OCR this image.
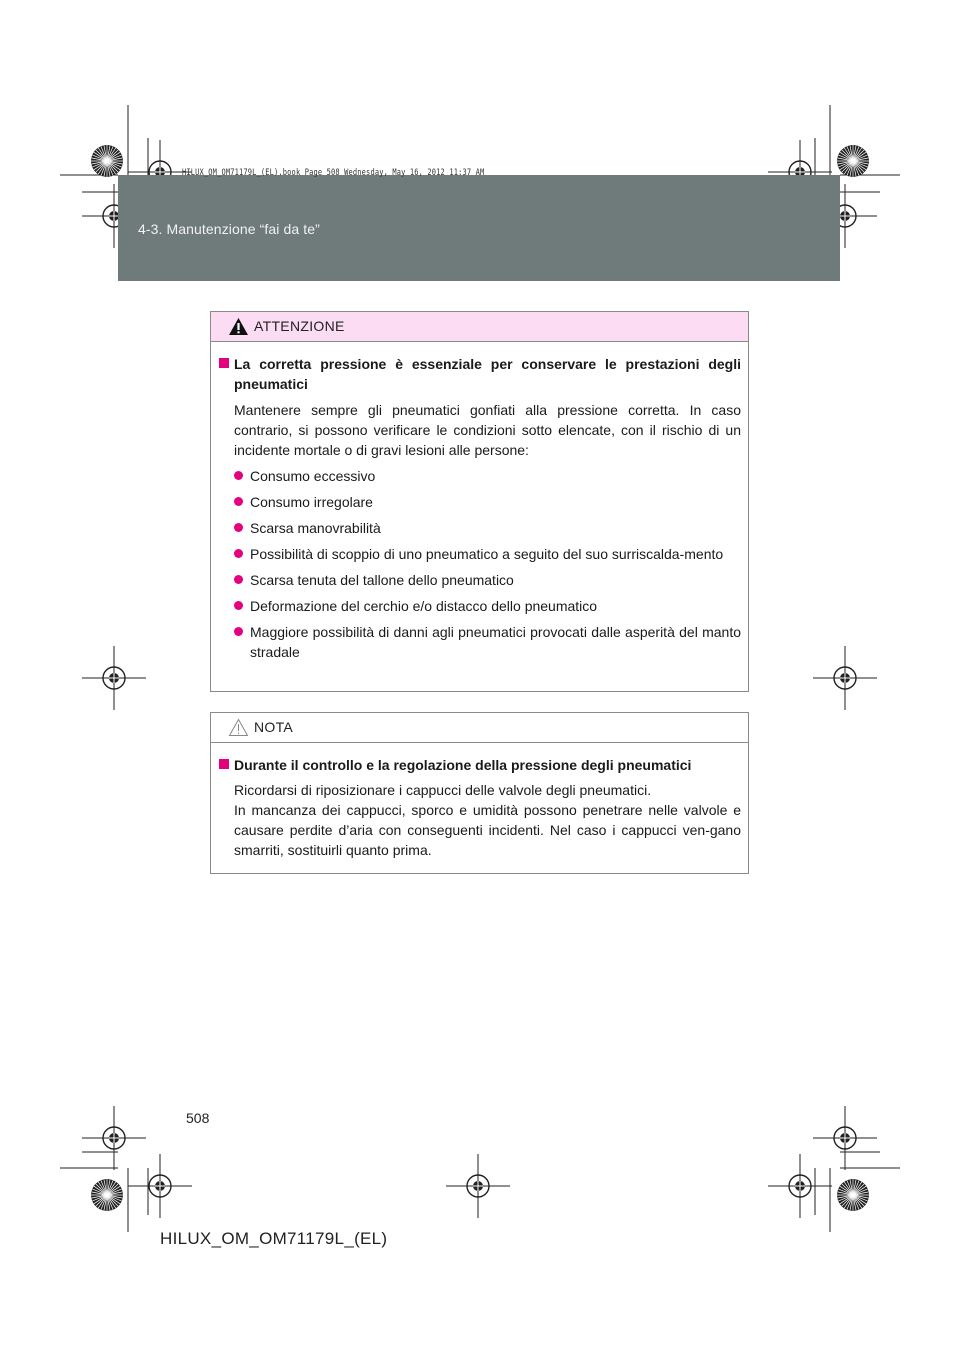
4-3. Manutenzione “fai da te”
HILUX_OM_OM71179L_(EL).book Page 508 Wednesday, May 16, 2012 11:37 AM
ATTENZIONE
La corretta pressione è essenziale per conservare le prestazioni degli pneumatici
Mantenere sempre gli pneumatici gonfiati alla pressione corretta. In caso contrario, si possono verificare le condizioni sotto elencate, con il rischio di un incidente mortale o di gravi lesioni alle persone:
Consumo eccessivo
Consumo irregolare
Scarsa manovrabilità
Possibilità di scoppio di uno pneumatico a seguito del suo surriscalda-mento
Scarsa tenuta del tallone dello pneumatico
Deformazione del cerchio e/o distacco dello pneumatico
Maggiore possibilità di danni agli pneumatici provocati dalle asperità del manto stradale
NOTA
Durante il controllo e la regolazione della pressione degli pneumatici
Ricordarsi di riposizionare i cappucci delle valvole degli pneumatici.
In mancanza dei cappucci, sporco e umidità possono penetrare nelle valvole e causare perdite d’aria con conseguenti incidenti. Nel caso i cappucci ven-gano smarriti, sostituirli quanto prima.
508
HILUX_OM_OM71179L_(EL)
